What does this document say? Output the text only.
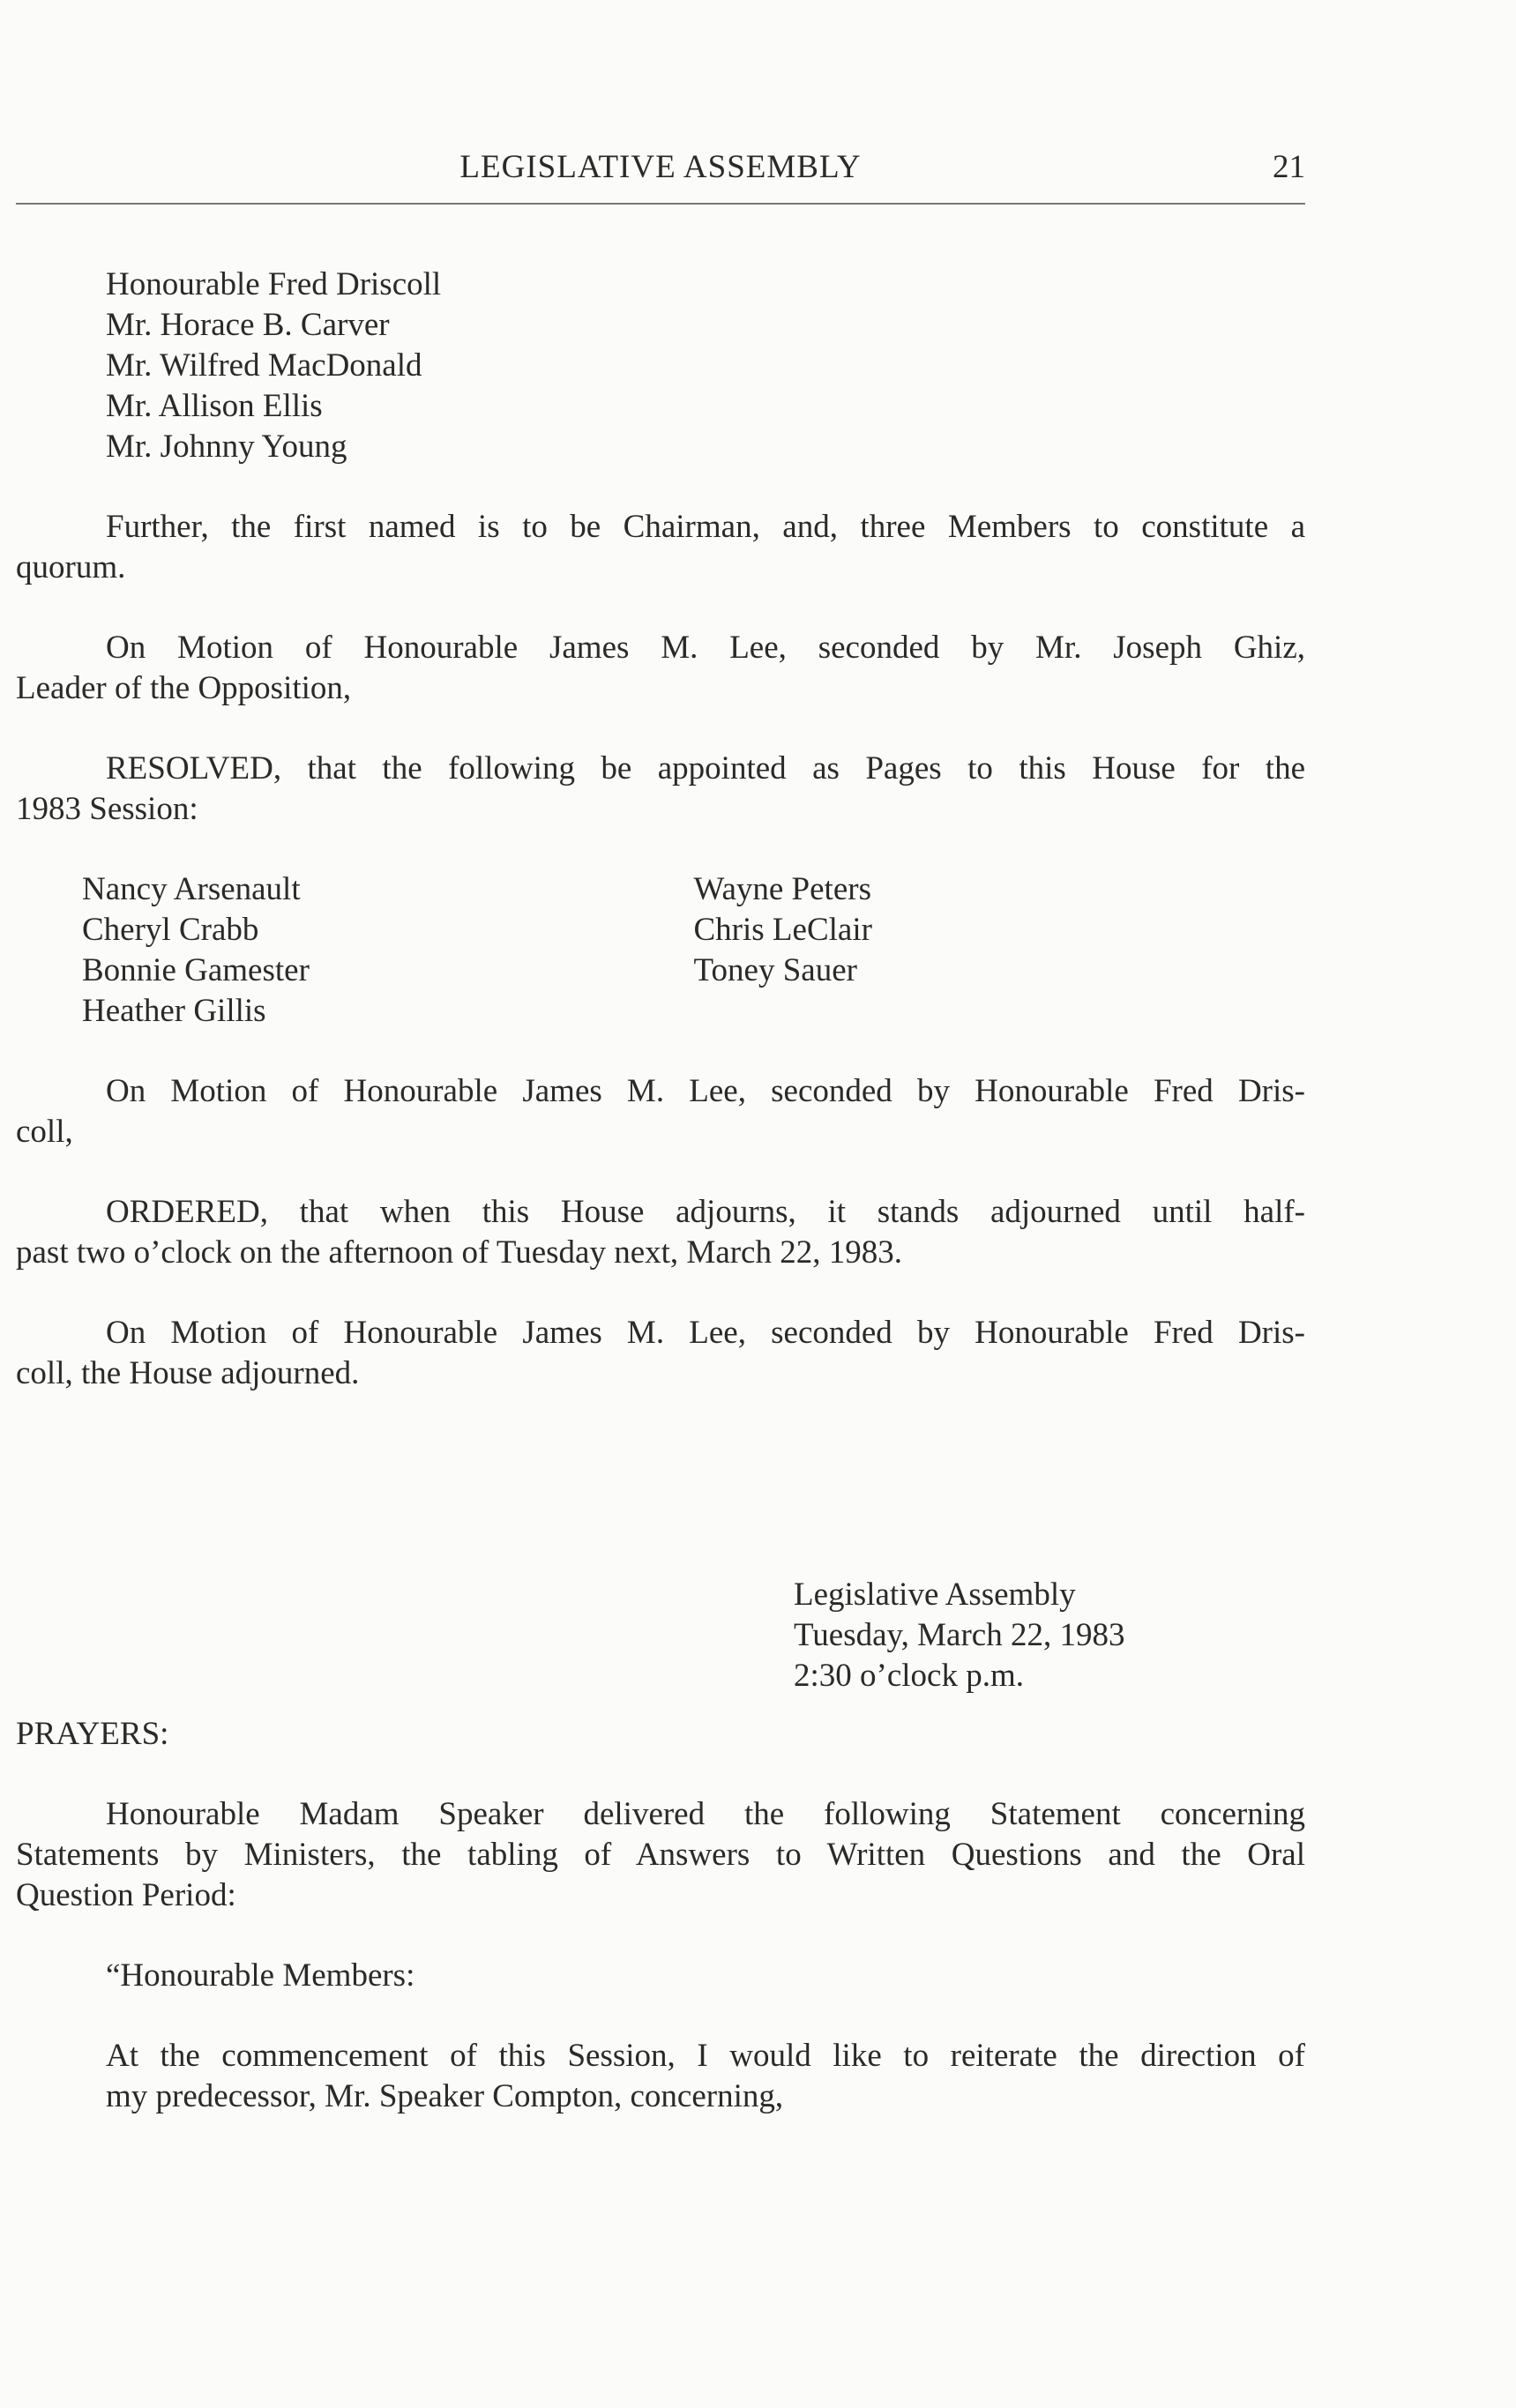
LEGISLATIVE ASSEMBLY	21
Honourable Fred Driscoll
Mr. Horace B. Carver
Mr. Wilfred MacDonald
Mr. Allison Ellis
Mr. Johnny Young

Further, the first named is to be Chairman, and, three Members to constitute a

quorum.

On Motion of Honourable James M. Lee, seconded by Mr. Joseph Ghiz,

Leader of the Opposition,

RESOLVED, that the following be appointed as Pages to this House for the

1983 Session:

Nancy Arsenault
Cheryl Crabb
Bonnie Gamester
Heather Gillis
Wayne Peters
Chris LeClair
Toney Sauer

On Motion of Honourable James M. Lee, seconded by Honourable Fred Dris-

coll,

ORDERED, that when this House adjourns, it stands adjourned until half-

past two o’clock on the afternoon of Tuesday next, March 22, 1983.

On Motion of Honourable James M. Lee, seconded by Honourable Fred Dris-

coll, the House adjourned.

Legislative Assembly
Tuesday, March 22, 1983
2:30 o’clock p.m.
PRAYERS:

Honourable Madam Speaker delivered the following Statement concerning

Statements by Ministers, the tabling of Answers to Written Questions and the Oral

Question Period:

“Honourable Members:

At the commencement of this Session, I would like to reiterate the direction of

my predecessor, Mr. Speaker Compton, concerning,
